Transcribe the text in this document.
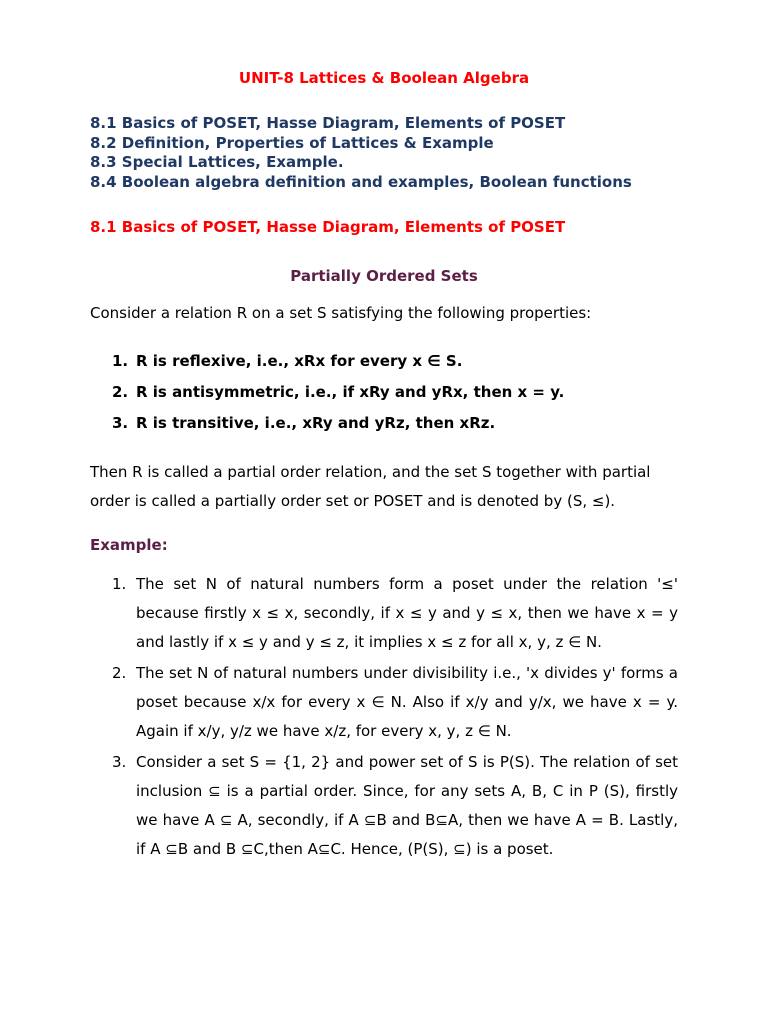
UNIT-8 Lattices & Boolean Algebra
8.1 Basics of POSET, Hasse Diagram, Elements of POSET
8.2 Definition, Properties of Lattices & Example
8.3 Special Lattices, Example.
8.4 Boolean algebra definition and examples, Boolean functions
8.1 Basics of POSET, Hasse Diagram, Elements of POSET
Partially Ordered Sets

Consider a relation R on a set S satisfying the following properties:

1. R is reflexive, i.e., xRx for every x ∈ S.
2. R is antisymmetric, i.e., if xRy and yRx, then x = y.
3. R is transitive, i.e., xRy and yRz, then xRz.

Then R is called a partial order relation, and the set S together with partial order is called a partially order set or POSET and is denoted by (S, ≤).

Example:
1. The set N of natural numbers form a poset under the relation '≤' because firstly x ≤ x, secondly, if x ≤ y and y ≤ x, then we have x = y and lastly if x ≤ y and y ≤ z, it implies x ≤ z for all x, y, z ∈ N.
2. The set N of natural numbers under divisibility i.e., 'x divides y' forms a poset because x/x for every x ∈ N. Also if x/y and y/x, we have x = y. Again if x/y, y/z we have x/z, for every x, y, z ∈ N.
3. Consider a set S = {1, 2} and power set of S is P(S). The relation of set inclusion ⊆ is a partial order. Since, for any sets A, B, C in P (S), firstly we have A ⊆ A, secondly, if A ⊆B and B⊆A, then we have A = B. Lastly, if A ⊆B and B ⊆C,then A⊆C. Hence, (P(S), ⊆) is a poset.
